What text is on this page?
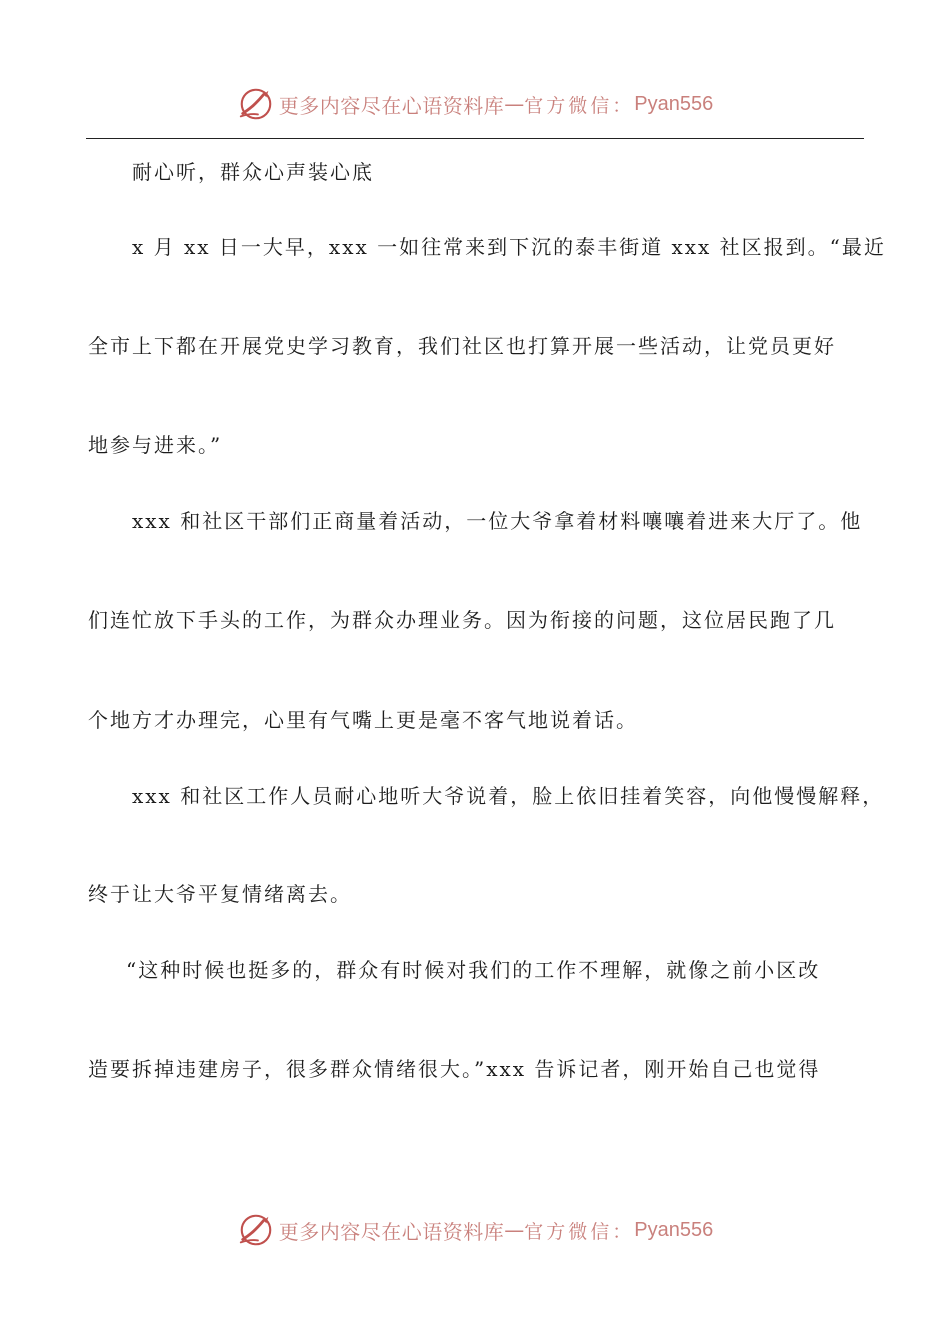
更多内容尽在心语资料库 — 官方微信： Pyan556
耐心听，群众心声装心底
x 月 xx 日一大早，xxx 一如往常来到下沉的泰丰街道 xxx 社区报到。“最近
全市上下都在开展党史学习教育，我们社区也打算开展一些活动，让党员更好
地参与进来。”
xxx 和社区干部们正商量着活动，一位大爷拿着材料嚷嚷着进来大厅了。他
们连忙放下手头的工作，为群众办理业务。因为衔接的问题，这位居民跑了几
个地方才办理完，心里有气嘴上更是毫不客气地说着话。
xxx 和社区工作人员耐心地听大爷说着，脸上依旧挂着笑容，向他慢慢解释，
终于让大爷平复情绪离去。
“这种时候也挺多的，群众有时候对我们的工作不理解，就像之前小区改
造要拆掉违建房子，很多群众情绪很大。”xxx 告诉记者，刚开始自己也觉得
更多内容尽在心语资料库 — 官方微信： Pyan556
